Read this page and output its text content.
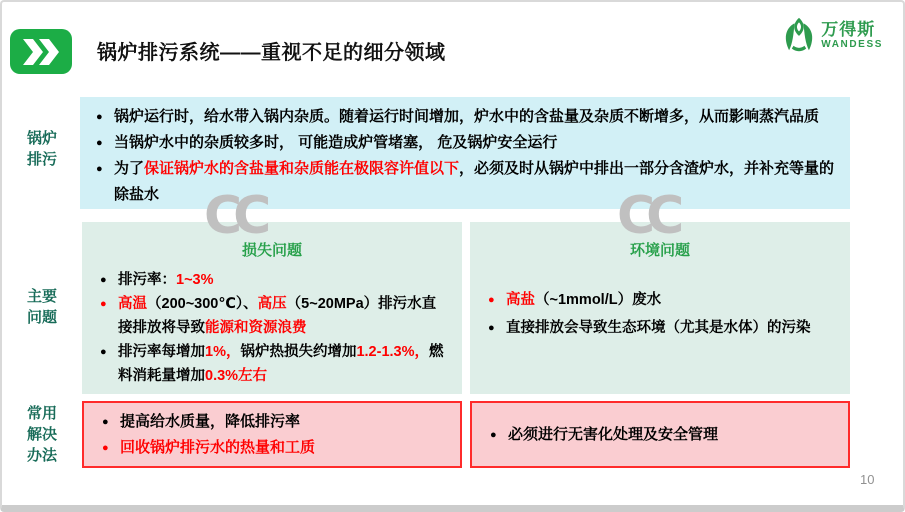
锅炉排污系统——重视不足的细分领域
万得斯
WANDESS
锅炉
排污
主要
问题
常用
解决
办法
● 锅炉运行时，给水带入锅内杂质。随着运行时间增加，炉水中的含盐量及杂质不断增多，从而影响蒸汽品质
● 当锅炉水中的杂质较多时， 可能造成炉管堵塞， 危及锅炉安全运行
● 为了保证锅炉水的含盐量和杂质能在极限容许值以下，必须及时从锅炉中排出一部分含渣炉水，并补充等量的除盐水 CC	CC
损失问题
● 排污率：1~3%
● 高温（200~300℃）、高压（5~20MPa）排污水直接排放将导致能源和资源浪费
● 排污率每增加1%，锅炉热损失约增加1.2-1.3%，燃料消耗量增加0.3%左右
环境问题
● 高盐（~1mmol/L）废水
● 直接排放会导致生态环境（尤其是水体）的污染
● 提高给水质量，降低排污率
● 回收锅炉排污水的热量和工质
● 必须进行无害化处理及安全管理
10
